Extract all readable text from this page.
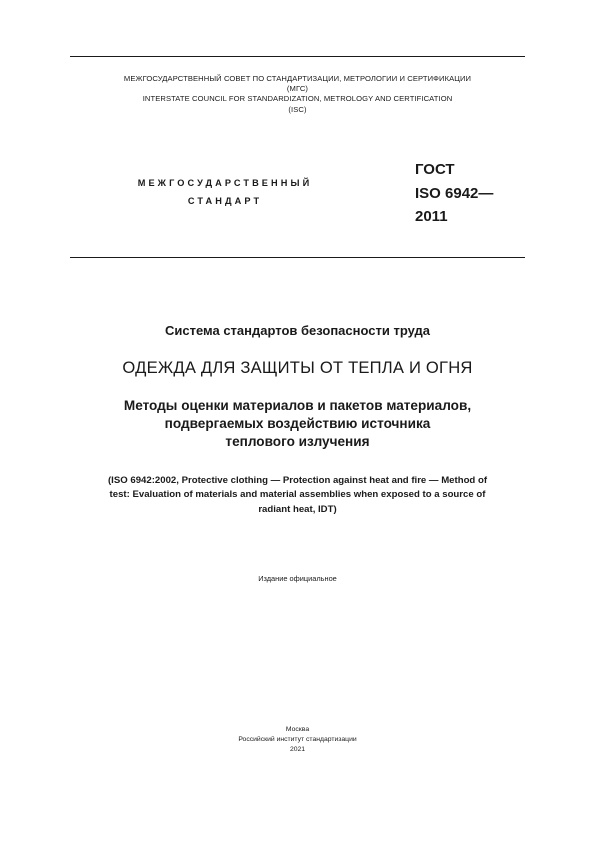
МЕЖГОСУДАРСТВЕННЫЙ СОВЕТ ПО СТАНДАРТИЗАЦИИ, МЕТРОЛОГИИ И СЕРТИФИКАЦИИ
(МГС)
INTERSTATE COUNCIL FOR STANDARDIZATION, METROLOGY AND CERTIFICATION
(ISC)
МЕЖГОСУДАРСТВЕННЫЙ
СТАНДАРТ
ГОСТ
ISO 6942—
2011
Система стандартов безопасности труда
ОДЕЖДА ДЛЯ ЗАЩИТЫ ОТ ТЕПЛА И ОГНЯ
Методы оценки материалов и пакетов материалов,
подвергаемых воздействию источника
теплового излучения
(ISO 6942:2002, Protective clothing — Protection against heat and fire — Method of
test: Evaluation of materials and material assemblies when exposed to a source of
radiant heat, IDT)
Издание официальное
Москва
Российский институт стандартизации
2021
